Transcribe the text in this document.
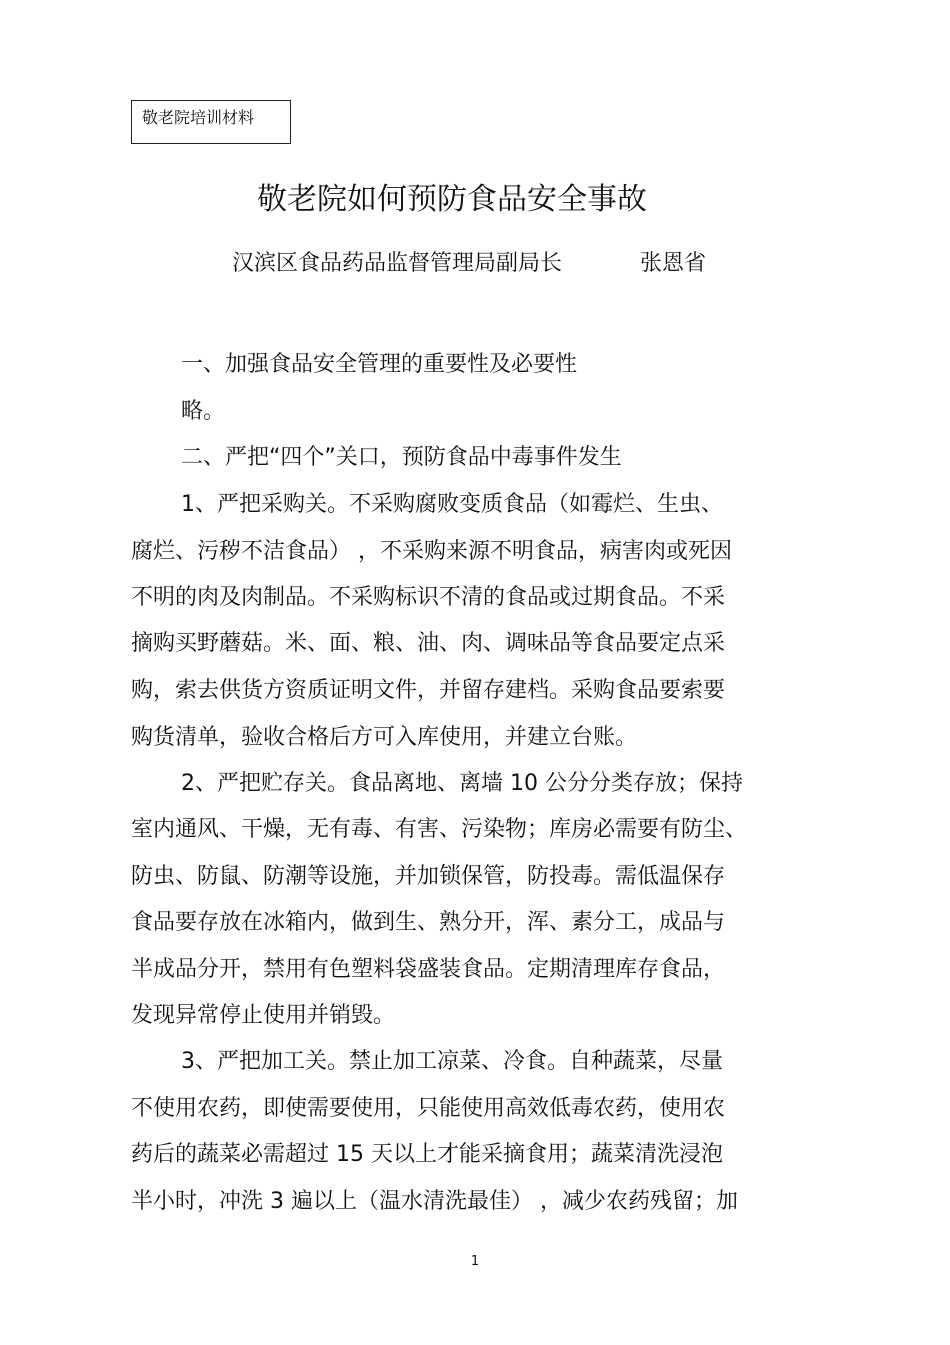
敬老院培训材料
敬老院如何预防食品安全事故
汉滨区食品药品监督管理局副局长	张恩省
一、加强食品安全管理的重要性及必要性
略。
二、严把“四个”关口，预防食品中毒事件发生
1、严把采购关。不采购腐败变质食品（如霉烂、生虫、
腐烂、污秽不洁食品） ，不采购来源不明食品，病害肉或死因
不明的肉及肉制品。不采购标识不清的食品或过期食品。不采
摘购买野蘑菇。米、面、粮、油、肉、调味品等食品要定点采
购，索去供货方资质证明文件，并留存建档。采购食品要索要
购货清单，验收合格后方可入库使用，并建立台账。
2、严把贮存关。食品离地、离墙 10 公分分类存放；保持
室内通风、干燥，无有毒、有害、污染物；库房必需要有防尘、
防虫、防鼠、防潮等设施，并加锁保管，防投毒。需低温保存
食品要存放在冰箱内，做到生、熟分开，浑、素分工，成品与
半成品分开，禁用有色塑料袋盛装食品。定期清理库存食品，
发现异常停止使用并销毁。
3、严把加工关。禁止加工凉菜、冷食。自种蔬菜，尽量
不使用农药，即使需要使用，只能使用高效低毒农药，使用农
药后的蔬菜必需超过 15 天以上才能采摘食用；蔬菜清洗浸泡
半小时，冲洗 3 遍以上（温水清洗最佳） ，减少农药残留；加
1
